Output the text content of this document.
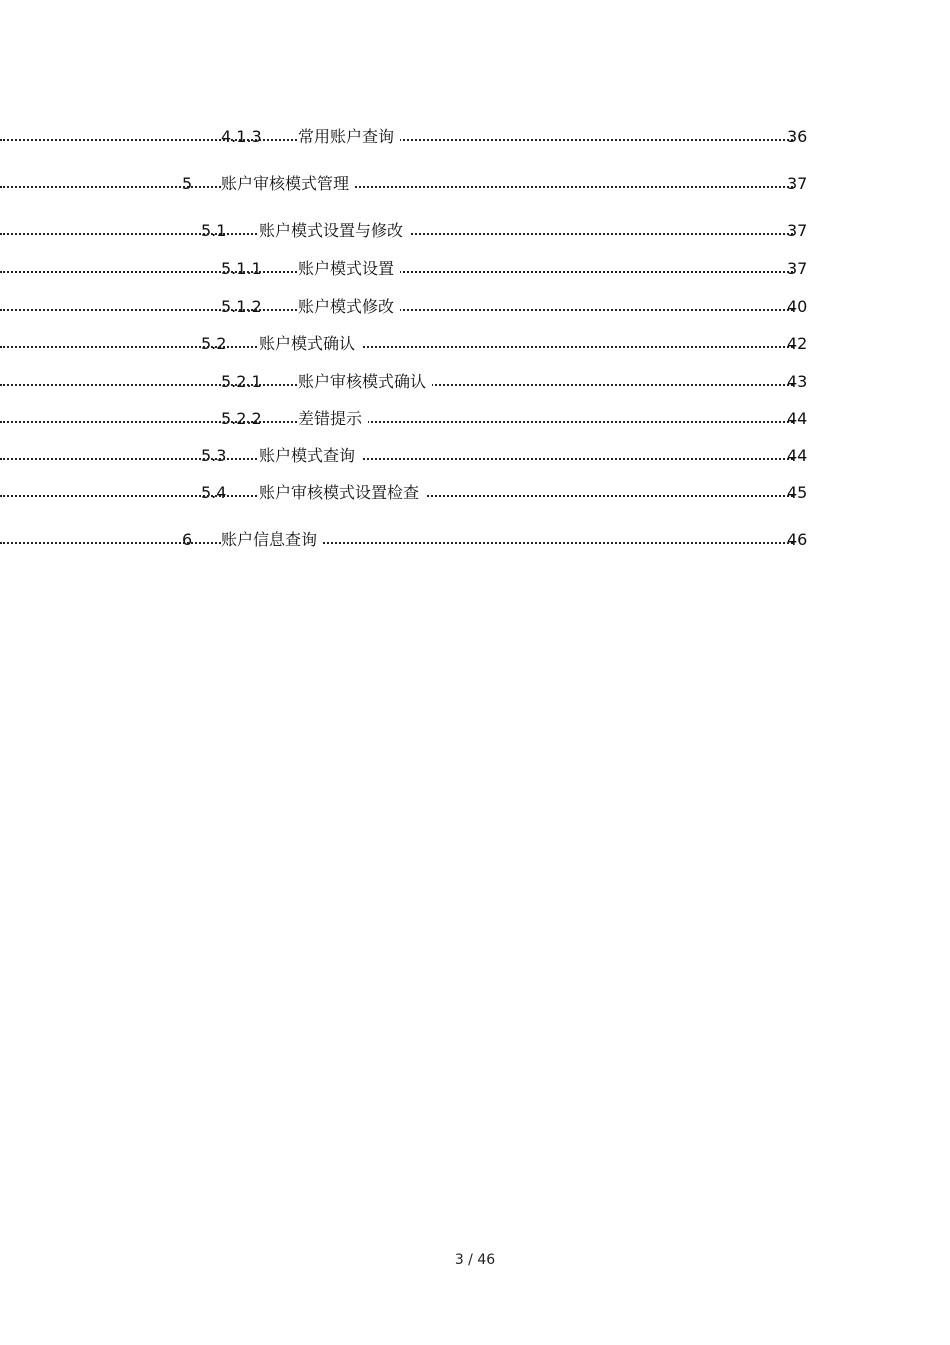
4.1.3 常用账户查询	36
5 账户审核模式管理	37
5.1 账户模式设置与修改	37
5.1.1 账户模式设置	37
5.1.2 账户模式修改	40
5.2 账户模式确认	42
5.2.1 账户审核模式确认	43
5.2.2 差错提示	44
5.3 账户模式查询	44
5.4 账户审核模式设置检查	45
6 账户信息查询	46
3 / 46
